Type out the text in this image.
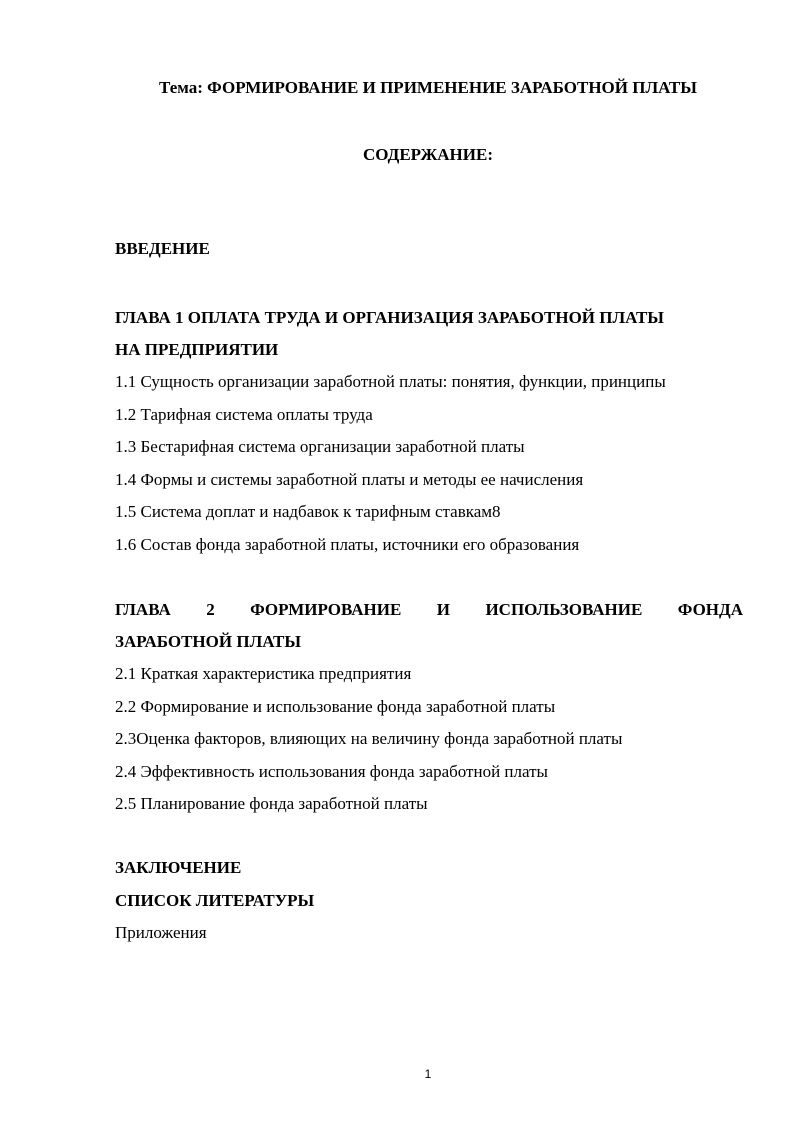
Тема: ФОРМИРОВАНИЕ И ПРИМЕНЕНИЕ ЗАРАБОТНОЙ ПЛАТЫ
СОДЕРЖАНИЕ:
ВВЕДЕНИЕ
ГЛАВА 1 ОПЛАТА ТРУДА И ОРГАНИЗАЦИЯ ЗАРАБОТНОЙ ПЛАТЫ
НА ПРЕДПРИЯТИИ
1.1 Сущность организации заработной платы: понятия, функции, принципы
1.2 Тарифная система оплаты труда
1.3 Бестарифная система организации заработной платы
1.4 Формы и системы заработной платы и методы ее начисления
1.5 Система доплат и надбавок к тарифным ставкам8
1.6 Состав фонда заработной платы, источники его образования
ГЛАВА 2 ФОРМИРОВАНИЕ И ИСПОЛЬЗОВАНИЕ ФОНДА
ЗАРАБОТНОЙ ПЛАТЫ
2.1 Краткая характеристика предприятия
2.2 Формирование и использование фонда заработной платы
2.3Оценка факторов, влияющих на величину фонда заработной платы
2.4 Эффективность использования фонда заработной платы
2.5 Планирование фонда заработной платы
ЗАКЛЮЧЕНИЕ
СПИСОК ЛИТЕРАТУРЫ
Приложения
1
